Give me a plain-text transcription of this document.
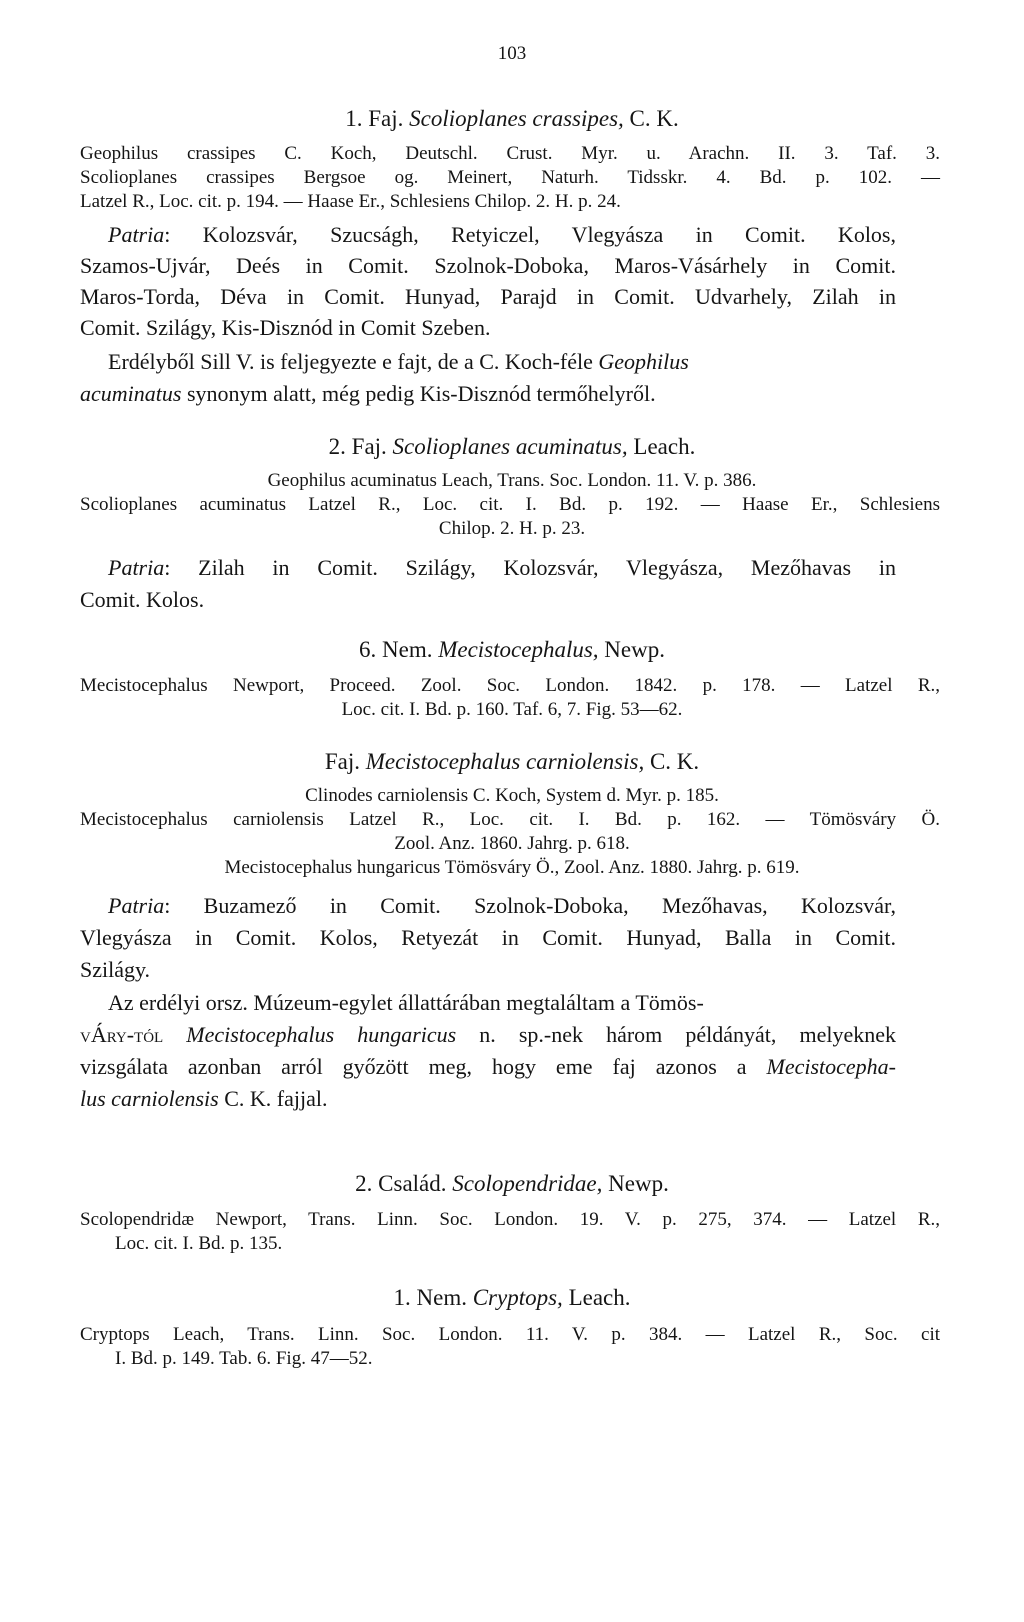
103
1. Faj. Scolioplanes crassipes, C. K.
Geophilus crassipes C. Koch, Deutschl. Crust. Myr. u. Arachn. II. 3. Taf. 3.
Scolioplanes crassipes Bergsoe og. Meinert, Naturh. Tidsskr. 4. Bd. p. 102. —
Latzel R., Loc. cit. p. 194. — Haase Er., Schlesiens Chilop. 2. H. p. 24.
Patria: Kolozsvár, Szucságh, Retyiczel, Vlegyásza in Comit. Kolos,
Szamos-Ujvár, Deés in Comit. Szolnok-Doboka, Maros-Vásárhely in Comit.
Maros-Torda, Déva in Comit. Hunyad, Parajd in Comit. Udvarhely, Zilah in
Comit. Szilágy, Kis-Disznód in Comit Szeben.
Erdélyből Sill V. is feljegyezte e fajt, de a C. Koch-féle Geophilus
acuminatus synonym alatt, még pedig Kis-Disznód termőhelyről.
2. Faj. Scolioplanes acuminatus, Leach.
Geophilus acuminatus Leach, Trans. Soc. London. 11. V. p. 386.
Scolioplanes acuminatus Latzel R., Loc. cit. I. Bd. p. 192. — Haase Er., Schlesiens
Chilop. 2. H. p. 23.
Patria: Zilah in Comit. Szilágy, Kolozsvár, Vlegyásza, Mezőhavas in
Comit. Kolos.
6. Nem. Mecistocephalus, Newp.
Mecistocephalus Newport, Proceed. Zool. Soc. London. 1842. p. 178. — Latzel R.,
Loc. cit. I. Bd. p. 160. Taf. 6, 7. Fig. 53—62.
Faj. Mecistocephalus carniolensis, C. K.
Clinodes carniolensis C. Koch, System d. Myr. p. 185.
Mecistocephalus carniolensis Latzel R., Loc. cit. I. Bd. p. 162. — Tömösváry Ö.
Zool. Anz. 1860. Jahrg. p. 618.
Mecistocephalus hungaricus Tömösváry Ö., Zool. Anz. 1880. Jahrg. p. 619.
Patria: Buzamező in Comit. Szolnok-Doboka, Mezőhavas, Kolozsvár,
Vlegyásza in Comit. Kolos, Retyezát in Comit. Hunyad, Balla in Comit.
Szilágy.
Az erdélyi orsz. Múzeum-egylet állattárában megtaláltam a Tömös-
vÁry-tól Mecistocephalus hungaricus n. sp.-nek három példányát, melyeknek
vizsgálata azonban arról győzött meg, hogy eme faj azonos a Mecistocepha-
lus carniolensis C. K. fajjal.
2. Család. Scolopendridae, Newp.
Scolopendridæ Newport, Trans. Linn. Soc. London. 19. V. p. 275, 374. — Latzel R.,
Loc. cit. I. Bd. p. 135.
1. Nem. Cryptops, Leach.
Cryptops Leach, Trans. Linn. Soc. London. 11. V. p. 384. — Latzel R., Soc. cit
I. Bd. p. 149. Tab. 6. Fig. 47—52.
